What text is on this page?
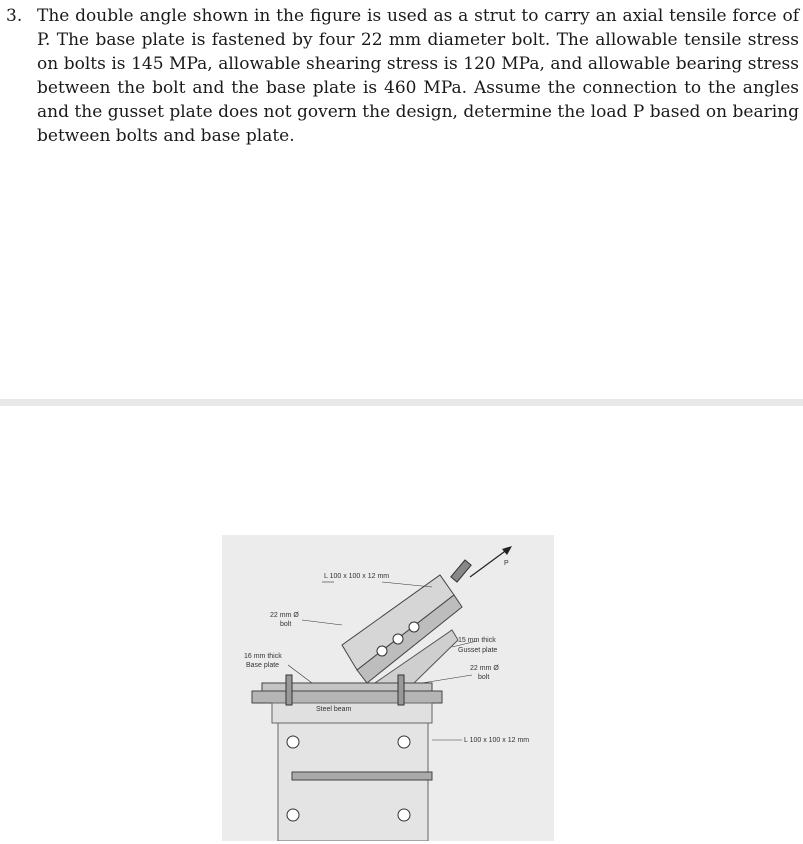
3. The double angle shown in the figure is used as a strut to carry an axial tensile force of P. The base plate is fastened by four 22 mm diameter bolt. The allowable tensile stress on bolts is 145 MPa, allowable shearing stress is 120 MPa, and allowable bearing stress between the bolt and the base plate is 460 MPa. Assume the connection to the angles and the gusset plate does not govern the design, determine the load P based on bearing between bolts and base plate.
P
L 100 x 100 x 12 mm
22 mm Ø
bolt
16 mm thick
Base plate
Steel beam
15 mm thick
Gusset plate
22 mm Ø
bolt
L 100 x 100 x 12 mm
